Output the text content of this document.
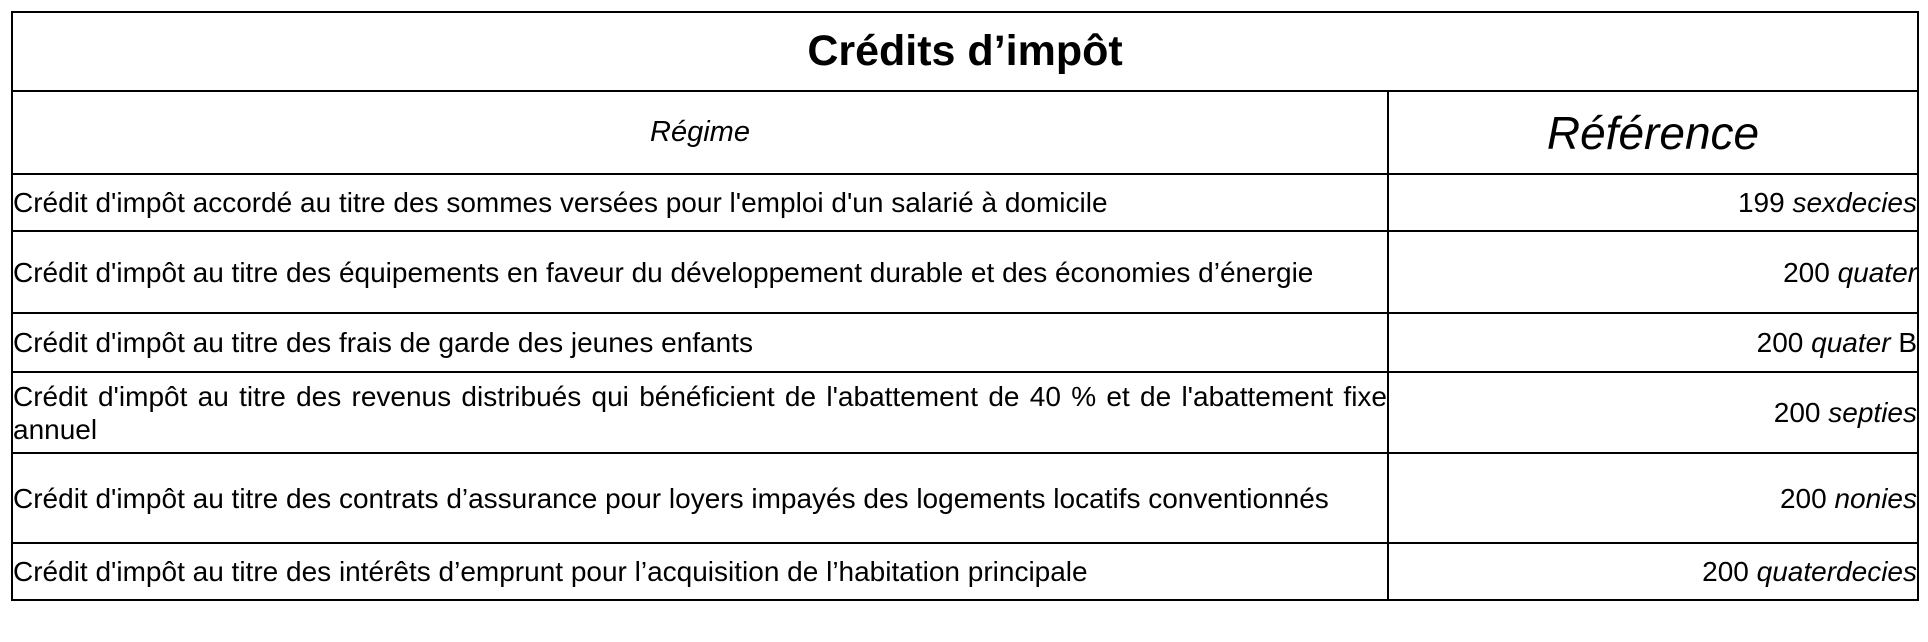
Crédits d’impôt	
Régime	Référence
Crédit d'impôt accordé au titre des sommes versées pour l'emploi d'un salarié à domicile	199 sexdecies
Crédit d'impôt au titre des équipements en faveur du développement durable et des économies d’énergie	200 quater
Crédit d'impôt au titre des frais de garde des jeunes enfants	200 quater B
Crédit d'impôt au titre des revenus distribués qui bénéficient de l'abattement de 40 % et de l'abattement fixe annuel	200 septies
Crédit d'impôt au titre des contrats d’assurance pour loyers impayés des logements locatifs conventionnés	200 nonies
Crédit d'impôt au titre des intérêts d’emprunt pour l’acquisition de l’habitation principale	200 quaterdecies
